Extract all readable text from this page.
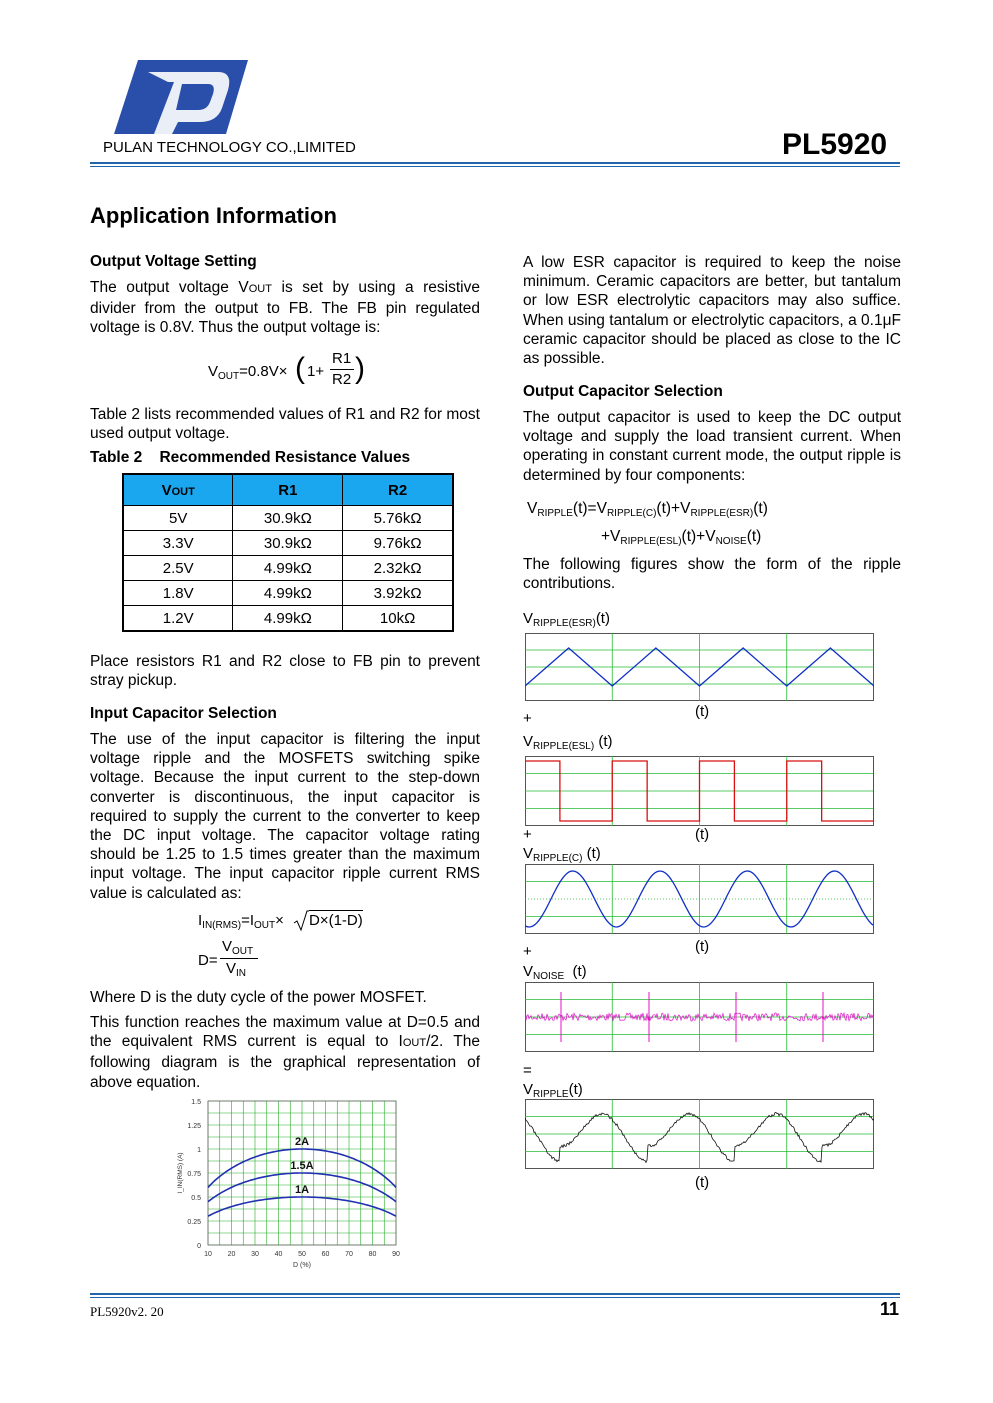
PULAN TECHNOLOGY CO.,LIMITED	PL5920
Application Information
Output Voltage Setting
The output voltage VOUT is set by using a resistive divider from the output to FB. The FB pin regulated voltage is 0.8V. Thus the output voltage is:
$V_{OUT}=0.8V\times$ ( 1+
R1
R2 )
Table 2 lists recommended values of R1 and R2 for most used output voltage.
Table 2    Recommended Resistance Values
VOUT	R1	R2
5V	30.9kΩ	5.76kΩ
3.3V	30.9kΩ	9.76kΩ
2.5V	4.99kΩ	2.32kΩ
1.8V	4.99kΩ	3.92kΩ
1.2V	4.99kΩ	10kΩ
Place resistors R1 and R2 close to FB pin to prevent stray pickup.
Input Capacitor Selection
The use of the input capacitor is filtering the input voltage ripple and the MOSFETS switching spike voltage. Because the input current to the step-down converter is discontinuous, the input capacitor is required to supply the current to the converter to keep the DC input voltage. The capacitor voltage rating should be 1.25 to 1.5 times greater than the maximum input voltage. The input capacitor ripple current RMS value is calculated as:
$I_{IN(RMS)}=I_{OUT}\times D\times(1-D)$
D=
$V_{OUT}$
$V_{IN}$
Where D is the duty cycle of the power MOSFET.
This function reaches the maximum value at D=0.5 and the equivalent RMS current is equal to IOUT/2. The following diagram is the graphical representation of above equation.
0
0.25
0.5
0.75
1
1.25
1.5
10 20 30 40 50 60 70 80 90
D (%)
I_IN(RMS) (A)
2A
1.5A
1A
A low ESR capacitor is required to keep the noise minimum. Ceramic capacitors are better, but tantalum or low ESR electrolytic capacitors may also suffice. When using tantalum or electrolytic capacitors, a 0.1μF ceramic capacitor should be placed as close to the IC as possible.
Output Capacitor Selection
The output capacitor is used to keep the DC output voltage and supply the load transient current. When operating in constant current mode, the output ripple is determined by four components:
$V_{RIPPLE}(t)=V_{RIPPLE(C)}(t)+V_{RIPPLE(ESR)}(t)$
$+V_{RIPPLE(ESL)}(t)+V_{NOISE}(t)$
The following figures show the form of the ripple contributions.
$V_{RIPPLE(ESR)}(t)$
+	(t)
$V_{RIPPLE(ESL)}$ (t)
+	(t)
$V_{RIPPLE(C)}$ (t)
+	(t)
$V_{NOISE}$  (t)
=
$V_{RIPPLE}(t)$
(t)
PL5920v2. 20	11
